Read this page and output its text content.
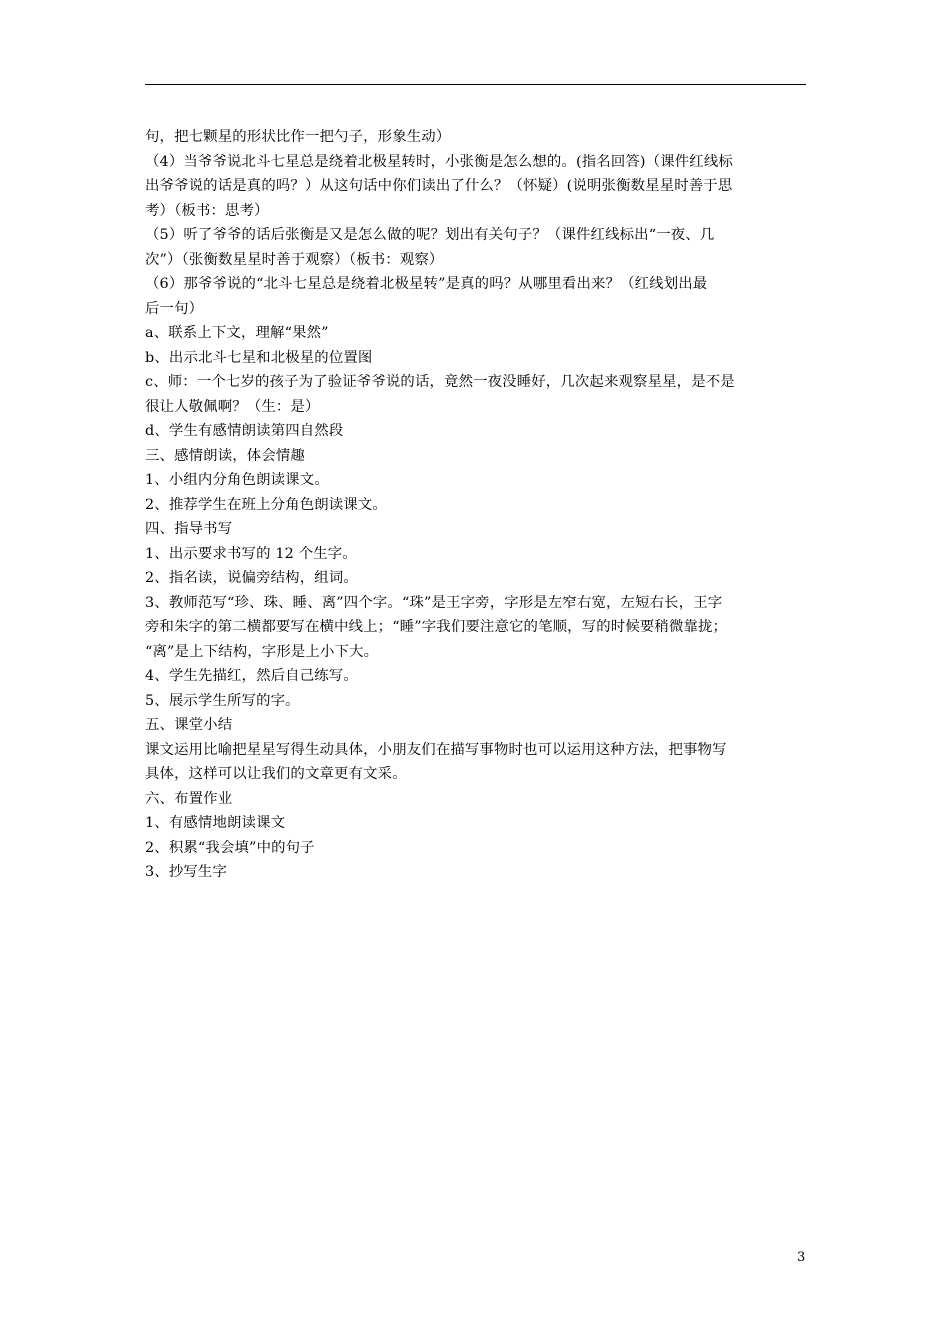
句，把七颗星的形状比作一把勺子，形象生动）
（4）当爷爷说北斗七星总是绕着北极星转时，小张衡是怎么想的。(指名回答)（课件红线标
出爷爷说的话是真的吗？）从这句话中你们读出了什么？（怀疑）(说明张衡数星星时善于思
考）（板书：思考）
（5）听了爷爷的话后张衡是又是怎么做的呢？划出有关句子？（课件红线标出“一夜、几
次”）（张衡数星星时善于观察）（板书：观察）
（6）那爷爷说的“北斗七星总是绕着北极星转”是真的吗？从哪里看出来？（红线划出最
后一句）
a、联系上下文，理解“果然”
b、出示北斗七星和北极星的位置图
c、师：一个七岁的孩子为了验证爷爷说的话，竟然一夜没睡好，几次起来观察星星，是不是
很让人敬佩啊？（生：是）
d、学生有感情朗读第四自然段
三、感情朗读，体会情趣
1、小组内分角色朗读课文。
2、推荐学生在班上分角色朗读课文。
四、指导书写
1、出示要求书写的 12 个生字。
2、指名读，说偏旁结构，组词。
3、教师范写“珍、珠、睡、离”四个字。“珠”是王字旁，字形是左窄右宽，左短右长，王字
旁和朱字的第二横都要写在横中线上；“睡”字我们要注意它的笔顺，写的时候要稍微靠拢；
“离”是上下结构，字形是上小下大。
4、学生先描红，然后自己练写。
5、展示学生所写的字。
五、课堂小结
课文运用比喻把星星写得生动具体，小朋友们在描写事物时也可以运用这种方法，把事物写
具体，这样可以让我们的文章更有文采。
六、布置作业
1、有感情地朗读课文
2、积累“我会填”中的句子
3、抄写生字
3
